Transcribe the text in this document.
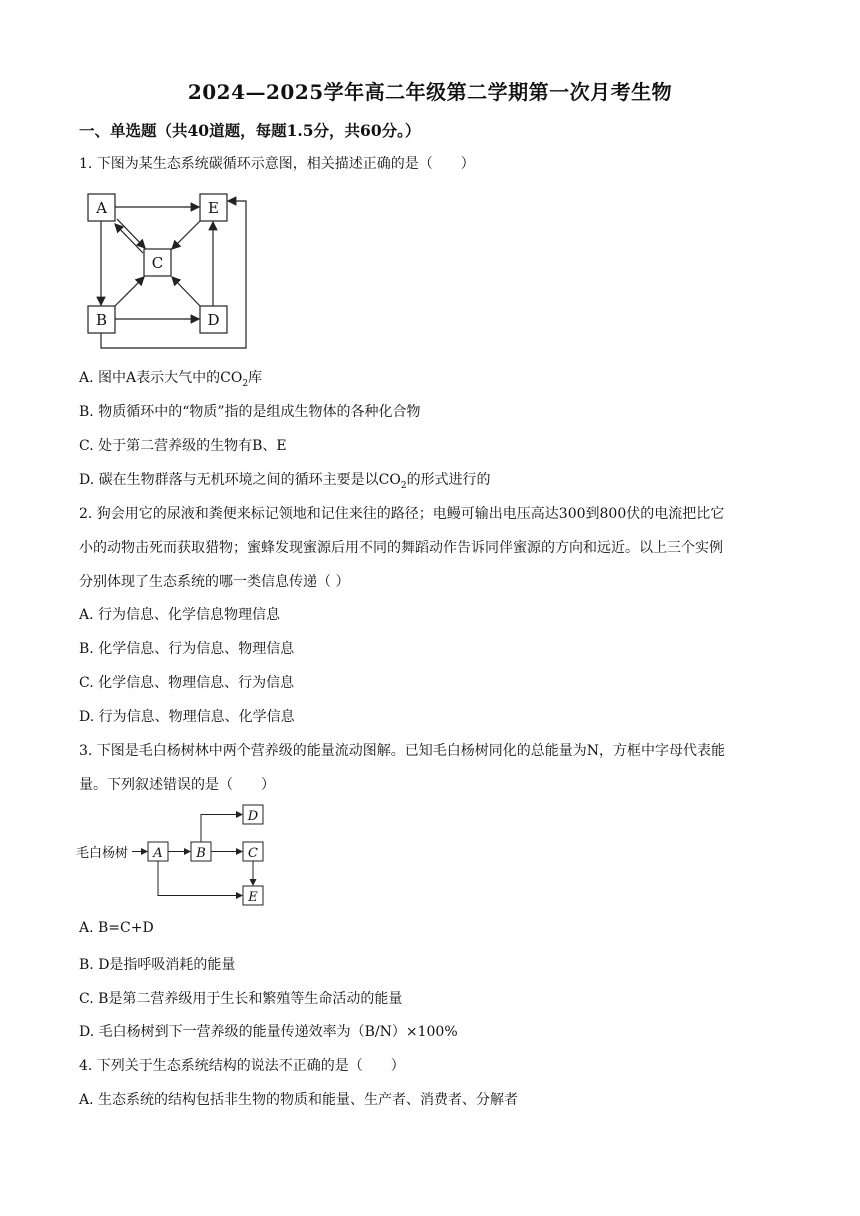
2024—2025学年高二年级第二学期第一次月考生物
一、单选题（共40道题，每题1.5分，共60分。）
1. 下图为某生态系统碳循环示意图，相关描述正确的是（　　）
A	E
C
B	D
A. 图中A表示大气中的$CO_2$库
B. 物质循环中的“物质”指的是组成生物体的各种化合物
C. 处于第二营养级的生物有B、E
D. 碳在生物群落与无机环境之间的循环主要是以$CO_2$的形式进行的
2. 狗会用它的尿液和粪便来标记领地和记住来往的路径；电鳗可输出电压高达300到800伏的电流把比它
小的动物击死而获取猎物；蜜蜂发现蜜源后用不同的舞蹈动作告诉同伴蜜源的方向和远近。以上三个实例
分别体现了生态系统的哪一类信息传递（ ）
A. 行为信息、化学信息物理信息
B. 化学信息、行为信息、物理信息
C. 化学信息、物理信息、行为信息
D. 行为信息、物理信息、化学信息
3. 下图是毛白杨树林中两个营养级的能量流动图解。已知毛白杨树同化的总能量为N，方框中字母代表能
量。下列叙述错误的是（　　）
毛白杨树 A	B	C
D
E
A. B=C+D
B. D是指呼吸消耗的能量
C. B是第二营养级用于生长和繁殖等生命活动的能量
D. 毛白杨树到下一营养级的能量传递效率为（B/N）×100%
4. 下列关于生态系统结构的说法不正确的是（　　）
A. 生态系统的结构包括非生物的物质和能量、生产者、消费者、分解者
